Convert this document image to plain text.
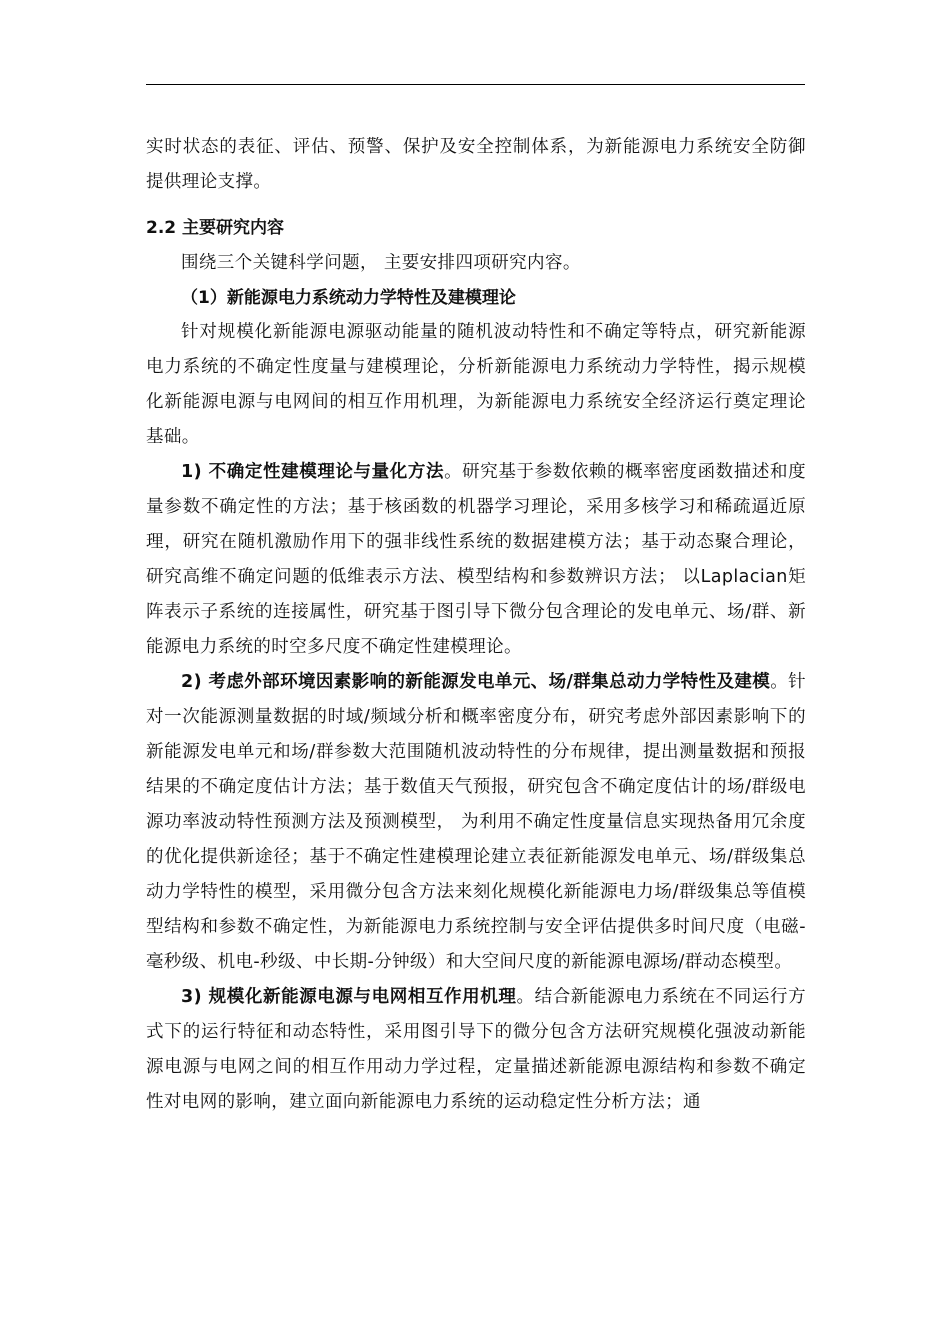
实时状态的表征、评估、预警、保护及安全控制体系，为新能源电力系统安全防御提供理论支撑。

2.2 主要研究内容

围绕三个关键科学问题， 主要安排四项研究内容。

（1）新能源电力系统动力学特性及建模理论

针对规模化新能源电源驱动能量的随机波动特性和不确定等特点，研究新能源电力系统的不确定性度量与建模理论，分析新能源电力系统动力学特性，揭示规模化新能源电源与电网间的相互作用机理，为新能源电力系统安全经济运行奠定理论基础。

1) 不确定性建模理论与量化方法。研究基于参数依赖的概率密度函数描述和度量参数不确定性的方法；基于核函数的机器学习理论，采用多核学习和稀疏逼近原理，研究在随机激励作用下的强非线性系统的数据建模方法；基于动态聚合理论，研究高维不确定问题的低维表示方法、模型结构和参数辨识方法； 以Laplacian矩阵表示子系统的连接属性，研究基于图引导下微分包含理论的发电单元、场/群、新能源电力系统的时空多尺度不确定性建模理论。

2) 考虑外部环境因素影响的新能源发电单元、场/群集总动力学特性及建模。针对一次能源测量数据的时域/频域分析和概率密度分布，研究考虑外部因素影响下的新能源发电单元和场/群参数大范围随机波动特性的分布规律，提出测量数据和预报结果的不确定度估计方法；基于数值天气预报，研究包含不确定度估计的场/群级电源功率波动特性预测方法及预测模型， 为利用不确定性度量信息实现热备用冗余度的优化提供新途径；基于不确定性建模理论建立表征新能源发电单元、场/群级集总动力学特性的模型，采用微分包含方法来刻化规模化新能源电力场/群级集总等值模型结构和参数不确定性，为新能源电力系统控制与安全评估提供多时间尺度（电磁-毫秒级、机电-秒级、中长期-分钟级）和大空间尺度的新能源电源场/群动态模型。

3) 规模化新能源电源与电网相互作用机理。结合新能源电力系统在不同运行方式下的运行特征和动态特性，采用图引导下的微分包含方法研究规模化强波动新能源电源与电网之间的相互作用动力学过程，定量描述新能源电源结构和参数不确定性对电网的影响，建立面向新能源电力系统的运动稳定性分析方法；通
